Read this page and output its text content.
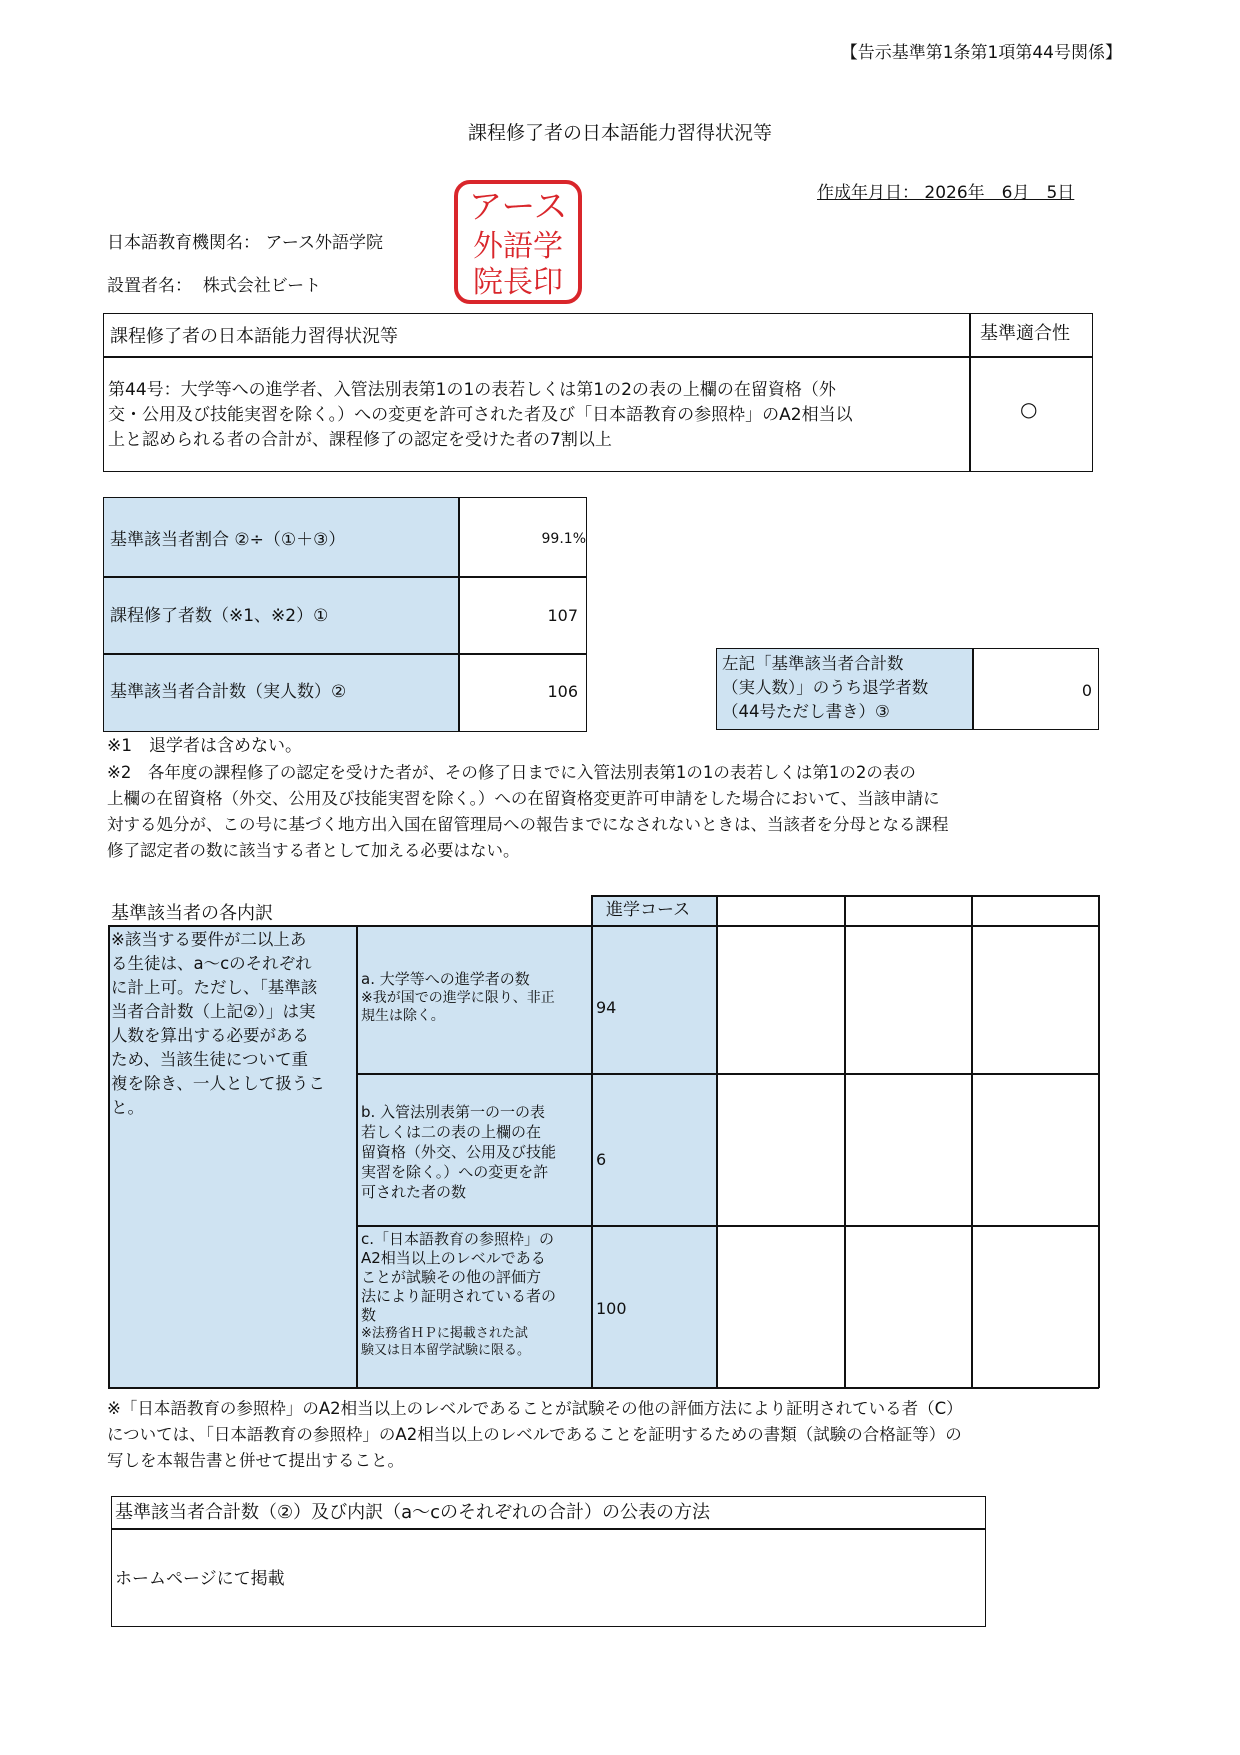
【告示基準第1条第1項第44号関係】
課程修了者の日本語能力習得状況等
作成年月日： 2026年　6月　5日
日本語教育機関名： アース外語学院
設置者名： 株式会社ビート
アース
外語学
院長印
課程修了者の日本語能力習得状況等	基準適合性
第44号：大学等への進学者、入管法別表第1の1の表若しくは第1の2の表の上欄の在留資格（外
交・公用及び技能実習を除く。）への変更を許可された者及び「日本語教育の参照枠」のA2相当以
上と認められる者の合計が、課程修了の認定を受けた者の7割以上
○
基準該当者割合 ②÷（①＋③）	99.1%
課程修了者数（※1、※2）①	107
基準該当者合計数（実人数）②	106
左記「基準該当者合計数
（実人数）」のうち退学者数
（44号ただし書き）③
0
※1　退学者は含めない。
※2　各年度の課程修了の認定を受けた者が、その修了日までに入管法別表第1の1の表若しくは第1の2の表の
上欄の在留資格（外交、公用及び技能実習を除く。）への在留資格変更許可申請をした場合において、当該申請に
対する処分が、この号に基づく地方出入国在留管理局への報告までになされないときは、当該者を分母となる課程
修了認定者の数に該当する者として加える必要はない。
基準該当者の各内訳	進学コース
※該当する要件が二以上あ
る生徒は、a～cのそれぞれ
に計上可。ただし、「基準該
当者合計数（上記②）」は実
人数を算出する必要がある
ため、当該生徒について重
複を除き、一人として扱うこ
と。
a. 大学等への進学者の数
※我が国での進学に限り、非正
規生は除く。	94
b. 入管法別表第一の一の表
若しくは二の表の上欄の在
留資格（外交、公用及び技能
実習を除く。）への変更を許
可された者の数
6
c.「日本語教育の参照枠」の
A2相当以上のレベルである
ことが試験その他の評価方
法により証明されている者の
数
※法務省ＨＰに掲載された試
験又は日本留学試験に限る。
100
※「日本語教育の参照枠」のA2相当以上のレベルであることが試験その他の評価方法により証明されている者（C）
については、「日本語教育の参照枠」のA2相当以上のレベルであることを証明するための書類（試験の合格証等）の
写しを本報告書と併せて提出すること。
基準該当者合計数（②）及び内訳（a～cのそれぞれの合計）の公表の方法
ホームページにて掲載
